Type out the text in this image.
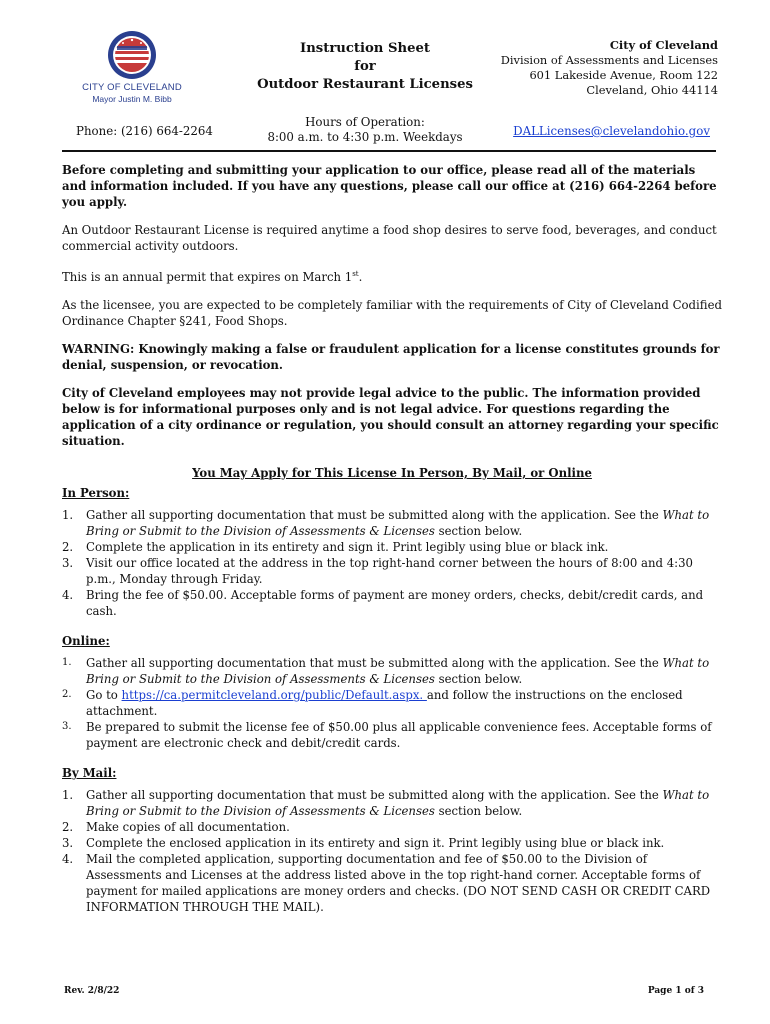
CITY OF CLEVELAND
Mayor Justin M. Bibb
Instruction Sheet
for
Outdoor Restaurant Licenses
City of Cleveland
Division of Assessments and Licenses
601 Lakeside Avenue, Room 122
Cleveland, Ohio 44114
Phone: (216) 664-2264
Hours of Operation:
8:00 a.m. to 4:30 p.m. Weekdays	DALLicenses@clevelandohio.gov

Before completing and submitting your application to our office, please read all of the materials and information included. If you have any questions, please call our office at (216) 664-2264 before you apply.

An Outdoor Restaurant License is required anytime a food shop desires to serve food, beverages, and conduct commercial activity outdoors.

This is an annual permit that expires on March 1st.

As the licensee, you are expected to be completely familiar with the requirements of City of Cleveland Codified Ordinance Chapter §241, Food Shops.

WARNING: Knowingly making a false or fraudulent application for a license constitutes grounds for denial, suspension, or revocation.

City of Cleveland employees may not provide legal advice to the public. The information provided below is for informational purposes only and is not legal advice. For questions regarding the application of a city ordinance or regulation, you should consult an attorney regarding your specific situation.

You May Apply for This License In Person, By Mail, or Online

In Person:

1. Gather all supporting documentation that must be submitted along with the application. See the What to Bring or Submit to the Division of Assessments & Licenses section below.
2. Complete the application in its entirety and sign it. Print legibly using blue or black ink.
3. Visit our office located at the address in the top right-hand corner between the hours of 8:00 and 4:30 p.m., Monday through Friday.
4. Bring the fee of $50.00. Acceptable forms of payment are money orders, checks, debit/credit cards, and cash.

Online:

1. Gather all supporting documentation that must be submitted along with the application. See the What to Bring or Submit to the Division of Assessments & Licenses section below.
2. Go to https://ca.permitcleveland.org/public/Default.aspx. and follow the instructions on the enclosed attachment.
3. Be prepared to submit the license fee of $50.00 plus all applicable convenience fees. Acceptable forms of payment are electronic check and debit/credit cards.

By Mail:

1. Gather all supporting documentation that must be submitted along with the application. See the What to Bring or Submit to the Division of Assessments & Licenses section below.
2. Make copies of all documentation.
3. Complete the enclosed application in its entirety and sign it. Print legibly using blue or black ink.
4. Mail the completed application, supporting documentation and fee of $50.00 to the Division of Assessments and Licenses at the address listed above in the top right-hand corner. Acceptable forms of payment for mailed applications are money orders and checks. (DO NOT SEND CASH OR CREDIT CARD INFORMATION THROUGH THE MAIL).
Rev. 2/8/22	Page 1 of 3
